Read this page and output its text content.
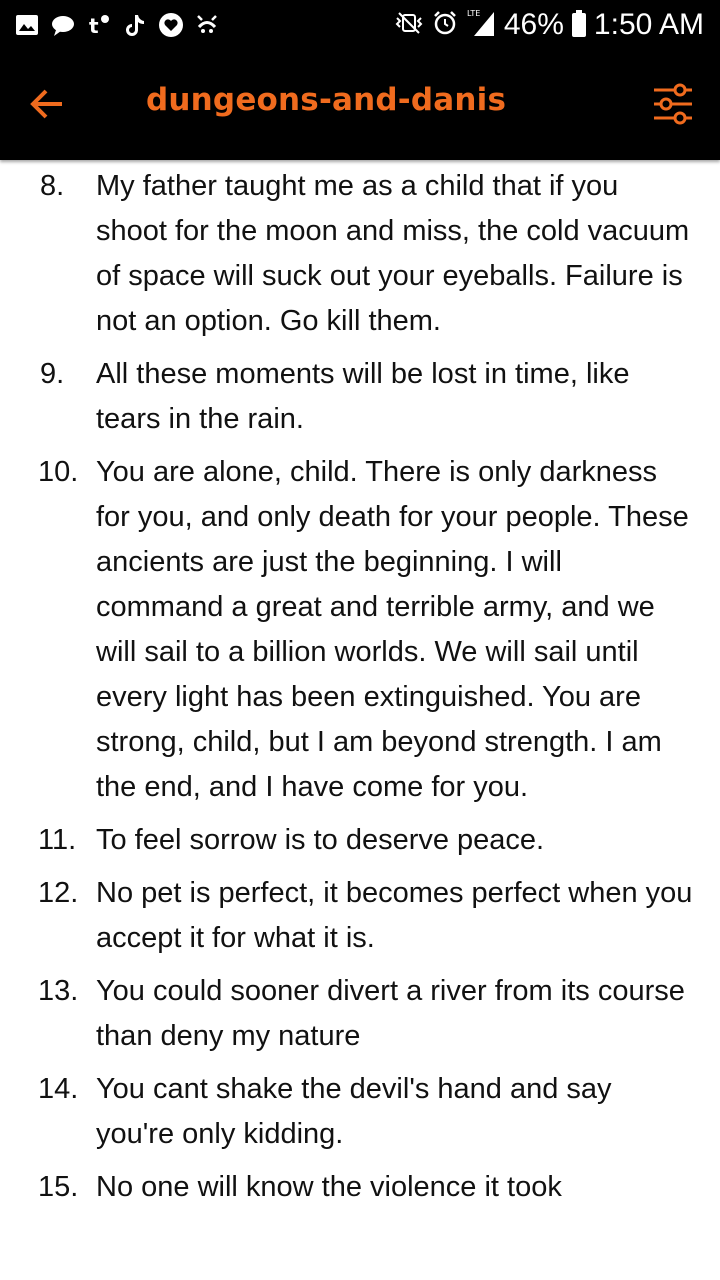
t
LTE 46% 1:50 AM
dungeons-and-danis
8.	My father taught me as a child that if you shoot for the moon and miss, the cold vacuum of space will suck out your eyeballs. Failure is not an option. Go kill them.
9.	All these moments will be lost in time, like tears in the rain.
10. You are alone, child. There is only darkness for you, and only death for your people. These ancients are just the beginning. I will command a great and terrible army, and we will sail to a billion worlds. We will sail until every light has been extinguished. You are strong, child, but I am beyond strength. I am the end, and I have come for you.
11. To feel sorrow is to deserve peace.
12. No pet is perfect, it becomes perfect when you accept it for what it is.
13. You could sooner divert a river from its course than deny my nature
14. You cant shake the devil's hand and say you're only kidding.
15. No one will know the violence it took
